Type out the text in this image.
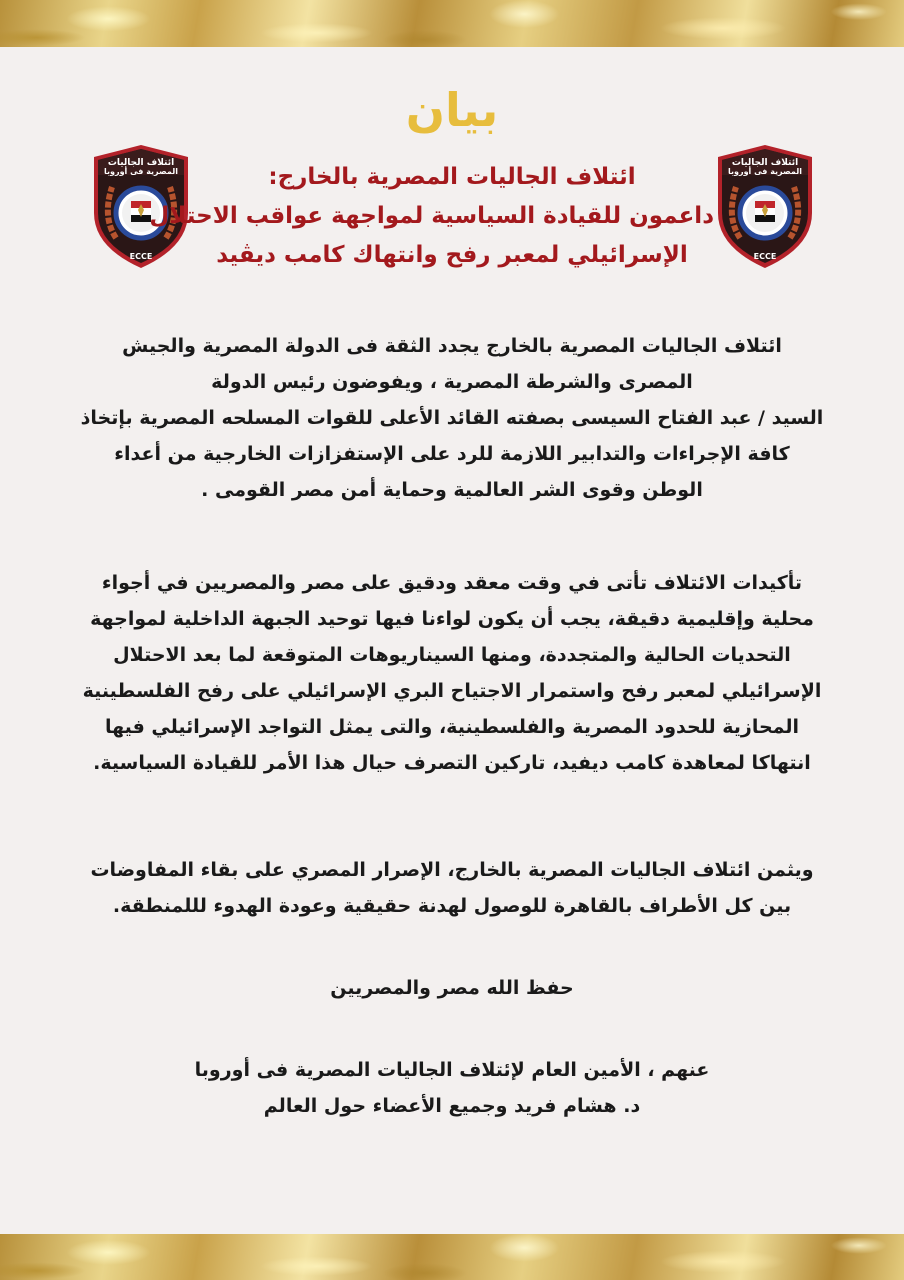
بيان
ائتلاف الجاليات
المصرية فى أوروبا
ECCE
ائتلاف الجاليات
المصرية فى أوروبا
ECCE
ائتلاف الجاليات المصرية بالخارج:
داعمون للقيادة السياسية لمواجهة عواقب الاحتلال
الإسرائيلي لمعبر رفح وانتهاك كامب ديڤيد
ائتلاف الجاليات المصرية بالخارج يجدد الثقة فى الدولة المصرية والجيش
المصرى والشرطة المصرية ، ويفوضون رئيس الدولة
السيد / عبد الفتاح السيسى بصفته القائد الأعلى للقوات المسلحه المصرية بإتخاذ
كافة الإجراءات والتدابير اللازمة للرد على الإستفزازات الخارجية من أعداء
الوطن وقوى الشر العالمية وحماية أمن مصر القومى .
تأكيدات الائتلاف تأتى في وقت معقد ودقيق على مصر والمصريين في أجواء
محلية وإقليمية دقيقة، يجب أن يكون لواءنا فيها توحيد الجبهة الداخلية لمواجهة
التحديات الحالية والمتجددة، ومنها السيناريوهات المتوقعة لما بعد الاحتلال
الإسرائيلي لمعبر رفح واستمرار الاجتياح البري الإسرائيلي على رفح الفلسطينية
المحازية للحدود المصرية والفلسطينية، والتى يمثل التواجد الإسرائيلي فيها
انتهاكا لمعاهدة كامب ديفيد، تاركين التصرف حيال هذا الأمر للقيادة السياسية.
ويثمن ائتلاف الجاليات المصرية بالخارج، الإصرار المصري على بقاء المفاوضات
بين كل الأطراف بالقاهرة للوصول لهدنة حقيقية وعودة الهدوء لللمنطقة.
حفظ الله مصر والمصريين
عنهم ، الأمين العام لإئتلاف الجاليات المصرية فى أوروبا
د. هشام فريد وجميع الأعضاء حول العالم
